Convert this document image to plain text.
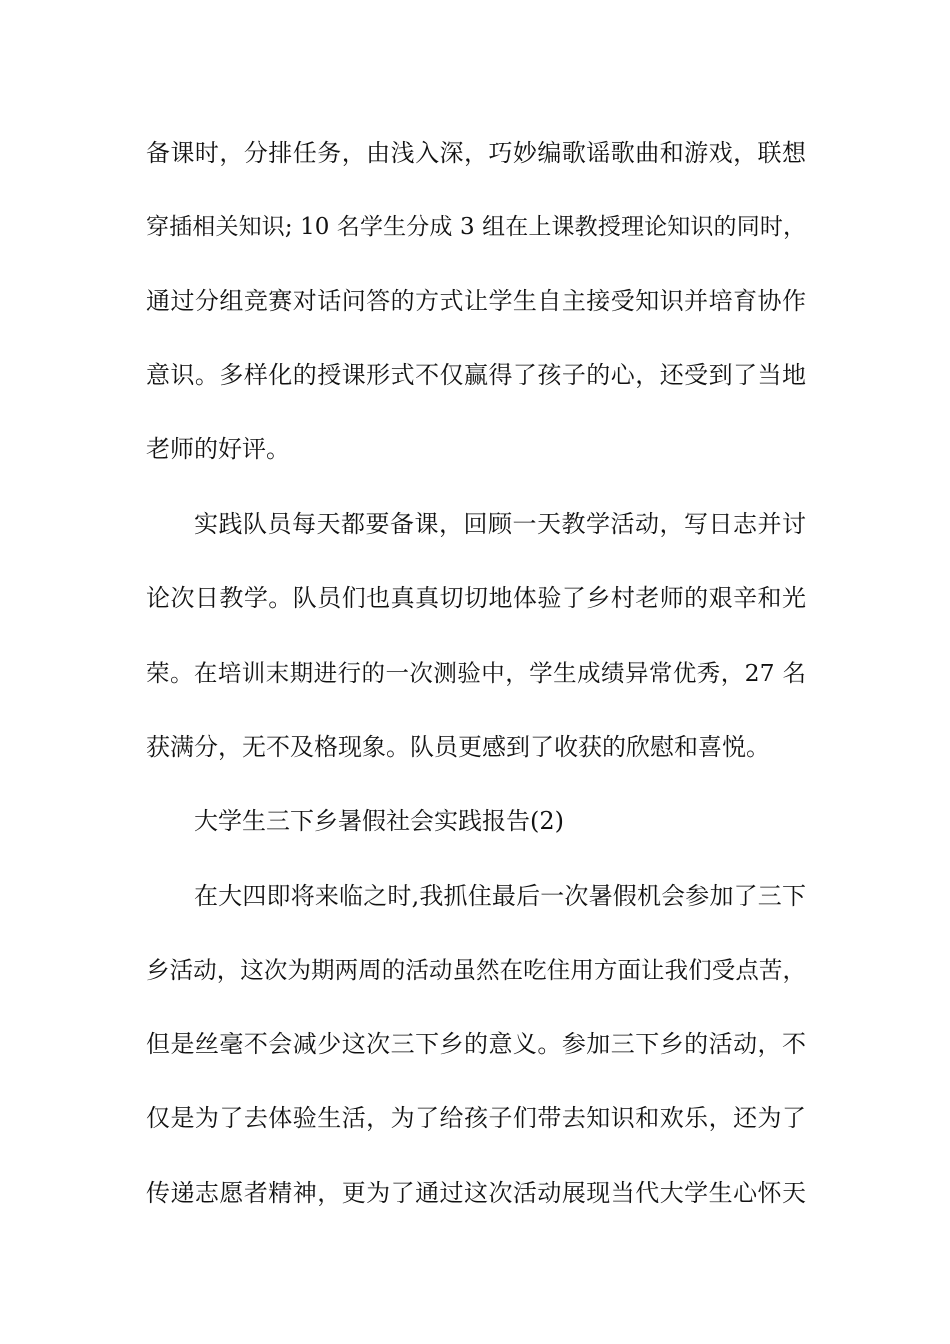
备课时，分排任务，由浅入深，巧妙编歌谣歌曲和游戏，联想
穿插相关知识; 10 名学生分成 3 组在上课教授理论知识的同时，
通过分组竞赛对话问答的方式让学生自主接受知识并培育协作
意识。多样化的授课形式不仅赢得了孩子的心，还受到了当地
老师的好评。
实践队员每天都要备课，回顾一天教学活动，写日志并讨
论次日教学。队员们也真真切切地体验了乡村老师的艰辛和光
荣。在培训末期进行的一次测验中，学生成绩异常优秀，27 名
获满分，无不及格现象。队员更感到了收获的欣慰和喜悦。
大学生三下乡暑假社会实践报告(2)
在大四即将来临之时,我抓住最后一次暑假机会参加了三下
乡活动，这次为期两周的活动虽然在吃住用方面让我们受点苦，
但是丝毫不会减少这次三下乡的意义。参加三下乡的活动，不
仅是为了去体验生活，为了给孩子们带去知识和欢乐，还为了
传递志愿者精神，更为了通过这次活动展现当代大学生心怀天
